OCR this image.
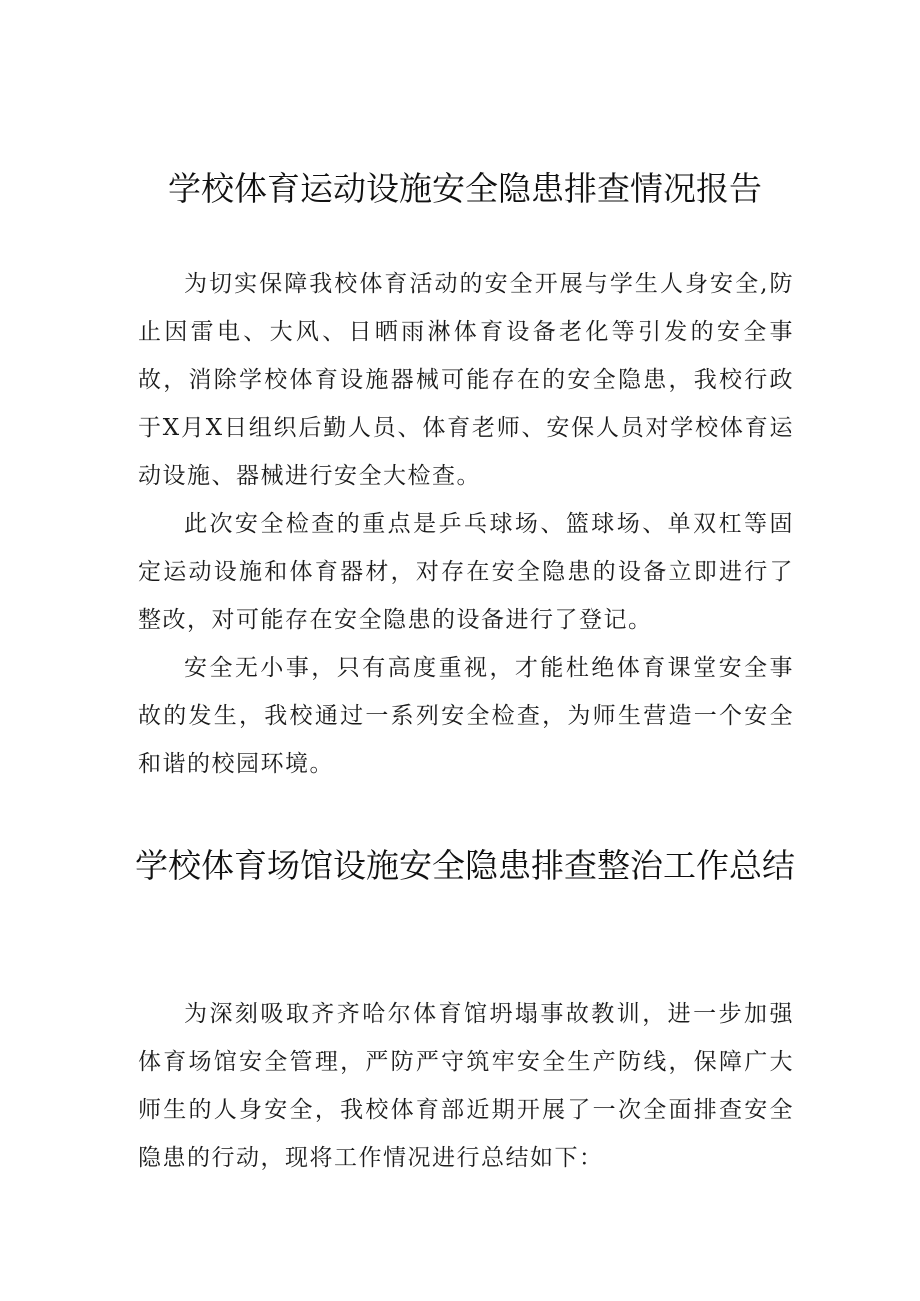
学校体育运动设施安全隐患排查情况报告

为切实保障我校体育活动的安全开展与学生人身安全,防止因雷电、大风、日晒雨淋体育设备老化等引发的安全事故，消除学校体育设施器械可能存在的安全隐患，我校行政于X月X日组织后勤人员、体育老师、安保人员对学校体育运动设施、器械进行安全大检查。

此次安全检查的重点是乒乓球场、篮球场、单双杠等固定运动设施和体育器材，对存在安全隐患的设备立即进行了整改，对可能存在安全隐患的设备进行了登记。

安全无小事，只有高度重视，才能杜绝体育课堂安全事故的发生，我校通过一系列安全检查，为师生营造一个安全和谐的校园环境。

学校体育场馆设施安全隐患排查整治工作总结

为深刻吸取齐齐哈尔体育馆坍塌事故教训，进一步加强体育场馆安全管理，严防严守筑牢安全生产防线，保障广大师生的人身安全，我校体育部近期开展了一次全面排查安全隐患的行动，现将工作情况进行总结如下：
